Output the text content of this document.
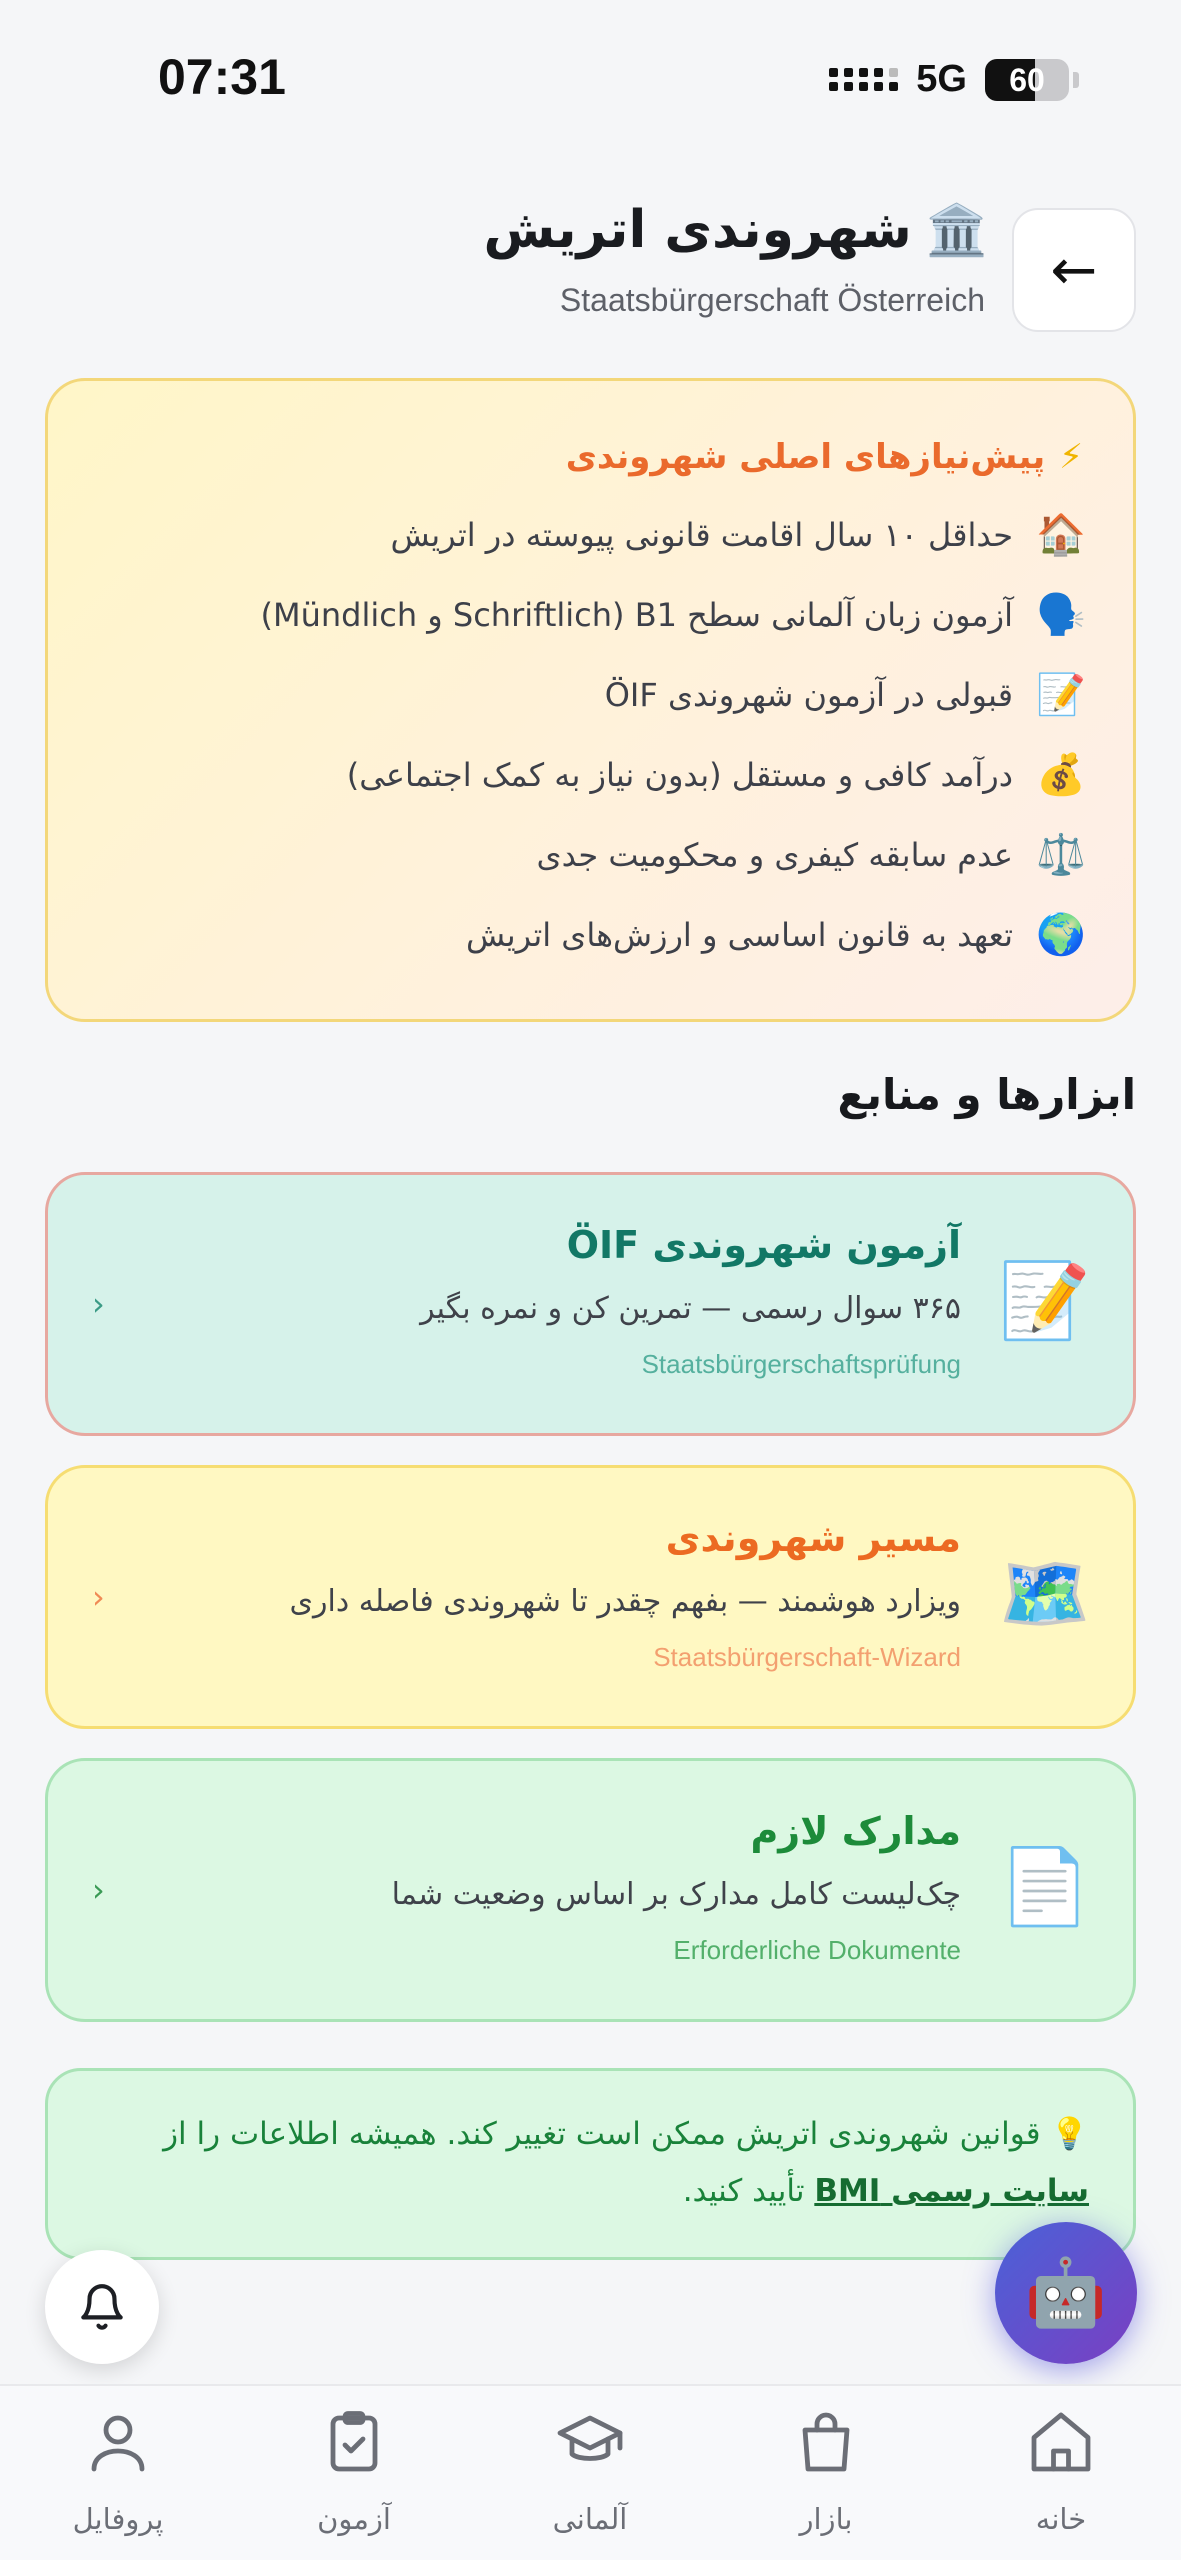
07:31	5G	60
←
🏛️شهروندی اتریش
Staatsbürgerschaft Österreich
⚡پیش‌نیازهای اصلی شهروندی
🏠
حداقل ۱۰ سال اقامت قانونی پیوسته در اتریش
🗣️
آزمون زبان آلمانی سطح B1 (Schriftlich و Mündlich)
📝
قبولی در آزمون شهروندی ÖIF
💰
درآمد کافی و مستقل (بدون نیاز به کمک اجتماعی)
⚖️
عدم سابقه کیفری و محکومیت جدی
🌍
تعهد به قانون اساسی و ارزش‌های اتریش
ابزارها و منابع
📝
آزمون شهروندی ÖIF
۳۶۵ سوال رسمی — تمرین کن و نمره بگیر
Staatsbürgerschaftsprüfung
‹
🗺️
مسیر شهروندی
ویزارد هوشمند — بفهم چقدر تا شهروندی فاصله داری
Staatsbürgerschaft-Wizard
‹
📄
مدارک لازم
چک‌لیست کامل مدارک بر اساس وضعیت شما
Erforderliche Dokumente
‹
💡 قوانین شهروندی اتریش ممکن است تغییر کند. همیشه اطلاعات را از
سایت رسمی BMI تأیید کنید.
🤖
خانه
بازار
آلمانی
آزمون
پروفایل
